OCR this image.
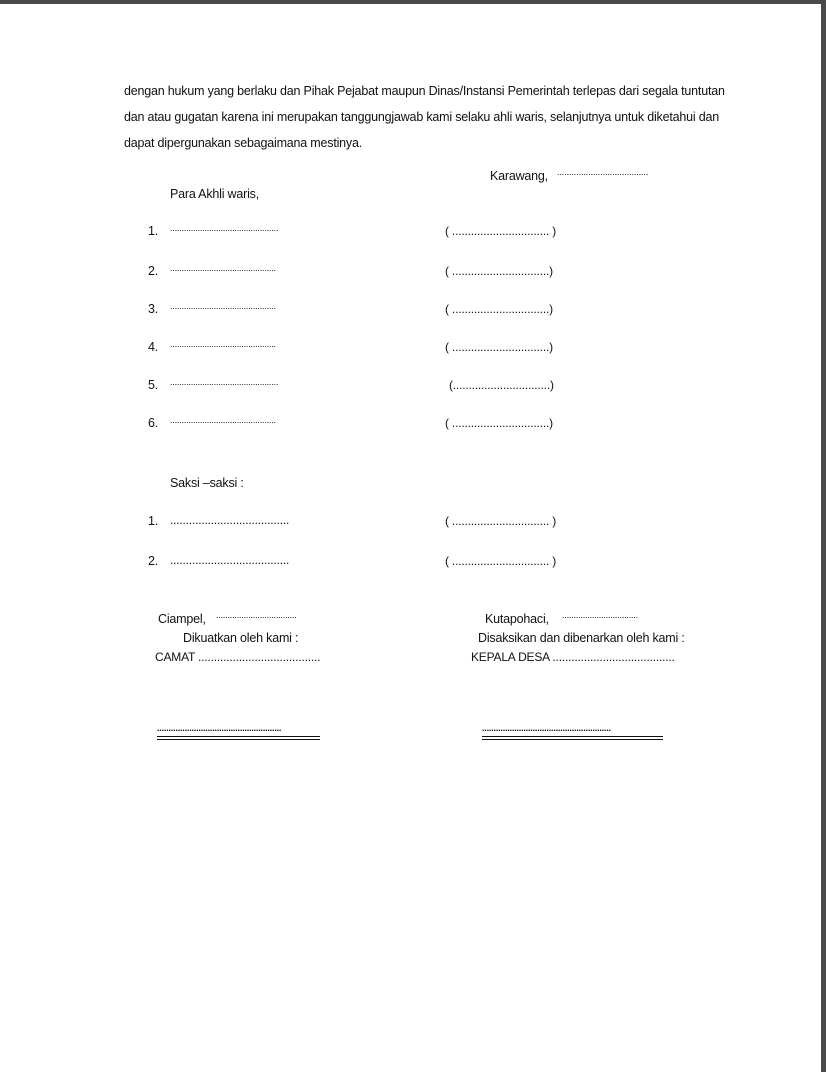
dengan hukum yang berlaku dan Pihak Pejabat maupun Dinas/Instansi Pemerintah terlepas dari segala tuntutan
dan atau gugatan karena ini merupakan tanggungjawab kami selaku ahli waris, selanjutnya untuk diketahui dan
dapat dipergunakan sebagaimana mestinya.
Karawang, ......................................
Para Akhli waris,
1. ...............................................	( ............................... )
2. ..............................................	( ...............................)
3. ..............................................	( ...............................)
4. ..............................................	( ...............................)
5. ...............................................	(...............................)
6. ..............................................	( ...............................)
Saksi –saksi :
1. ......................................	( ............................... )
2. ......................................	( ............................... )
Ciampel, ...................................
Dikuatkan oleh kami :
CAMAT .......................................
......................................................
Kutapohaci, .................................
Disaksikan dan dibenarkan oleh kami :
KEPALA DESA .......................................
........................................................
